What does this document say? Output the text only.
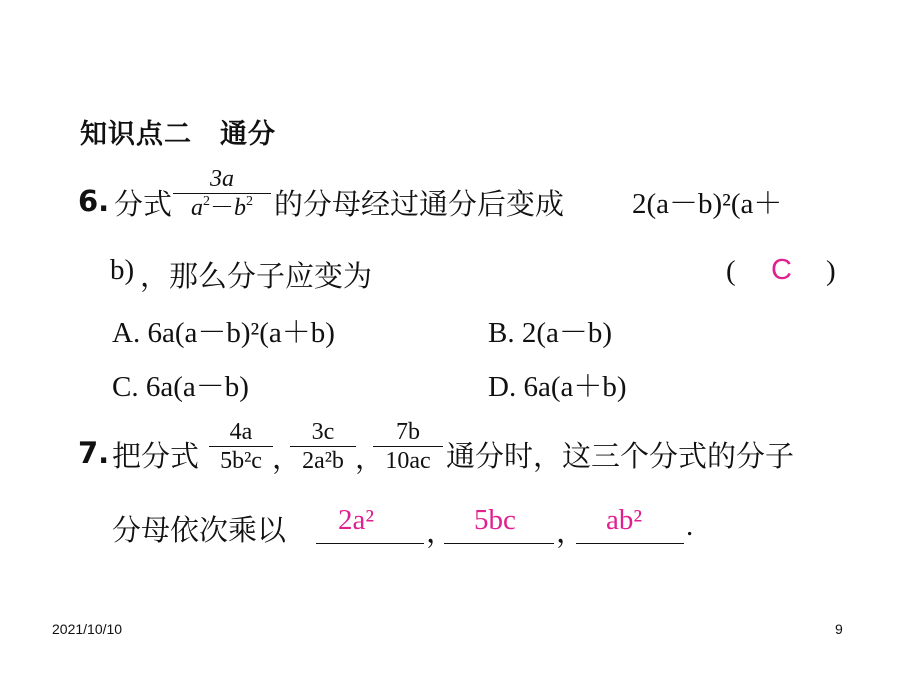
知识点二　通分
6. 分式
3a
$a^2-b^2$ 的分母经过通分后变成 2(a－b)²(a＋
b) ，那么分子应变为	( C )
A. 6a(a－b)²(a＋b)	B. 2(a－b)
C. 6a(a－b)	D. 6a(a＋b)
7. 把分式
4a
5b²c ，
3c
2a²b ，
7b
10ac 通分时，这三个分式的分子
分母依次乘以 2a² ， 5bc ， ab² .
2021/10/10	9
